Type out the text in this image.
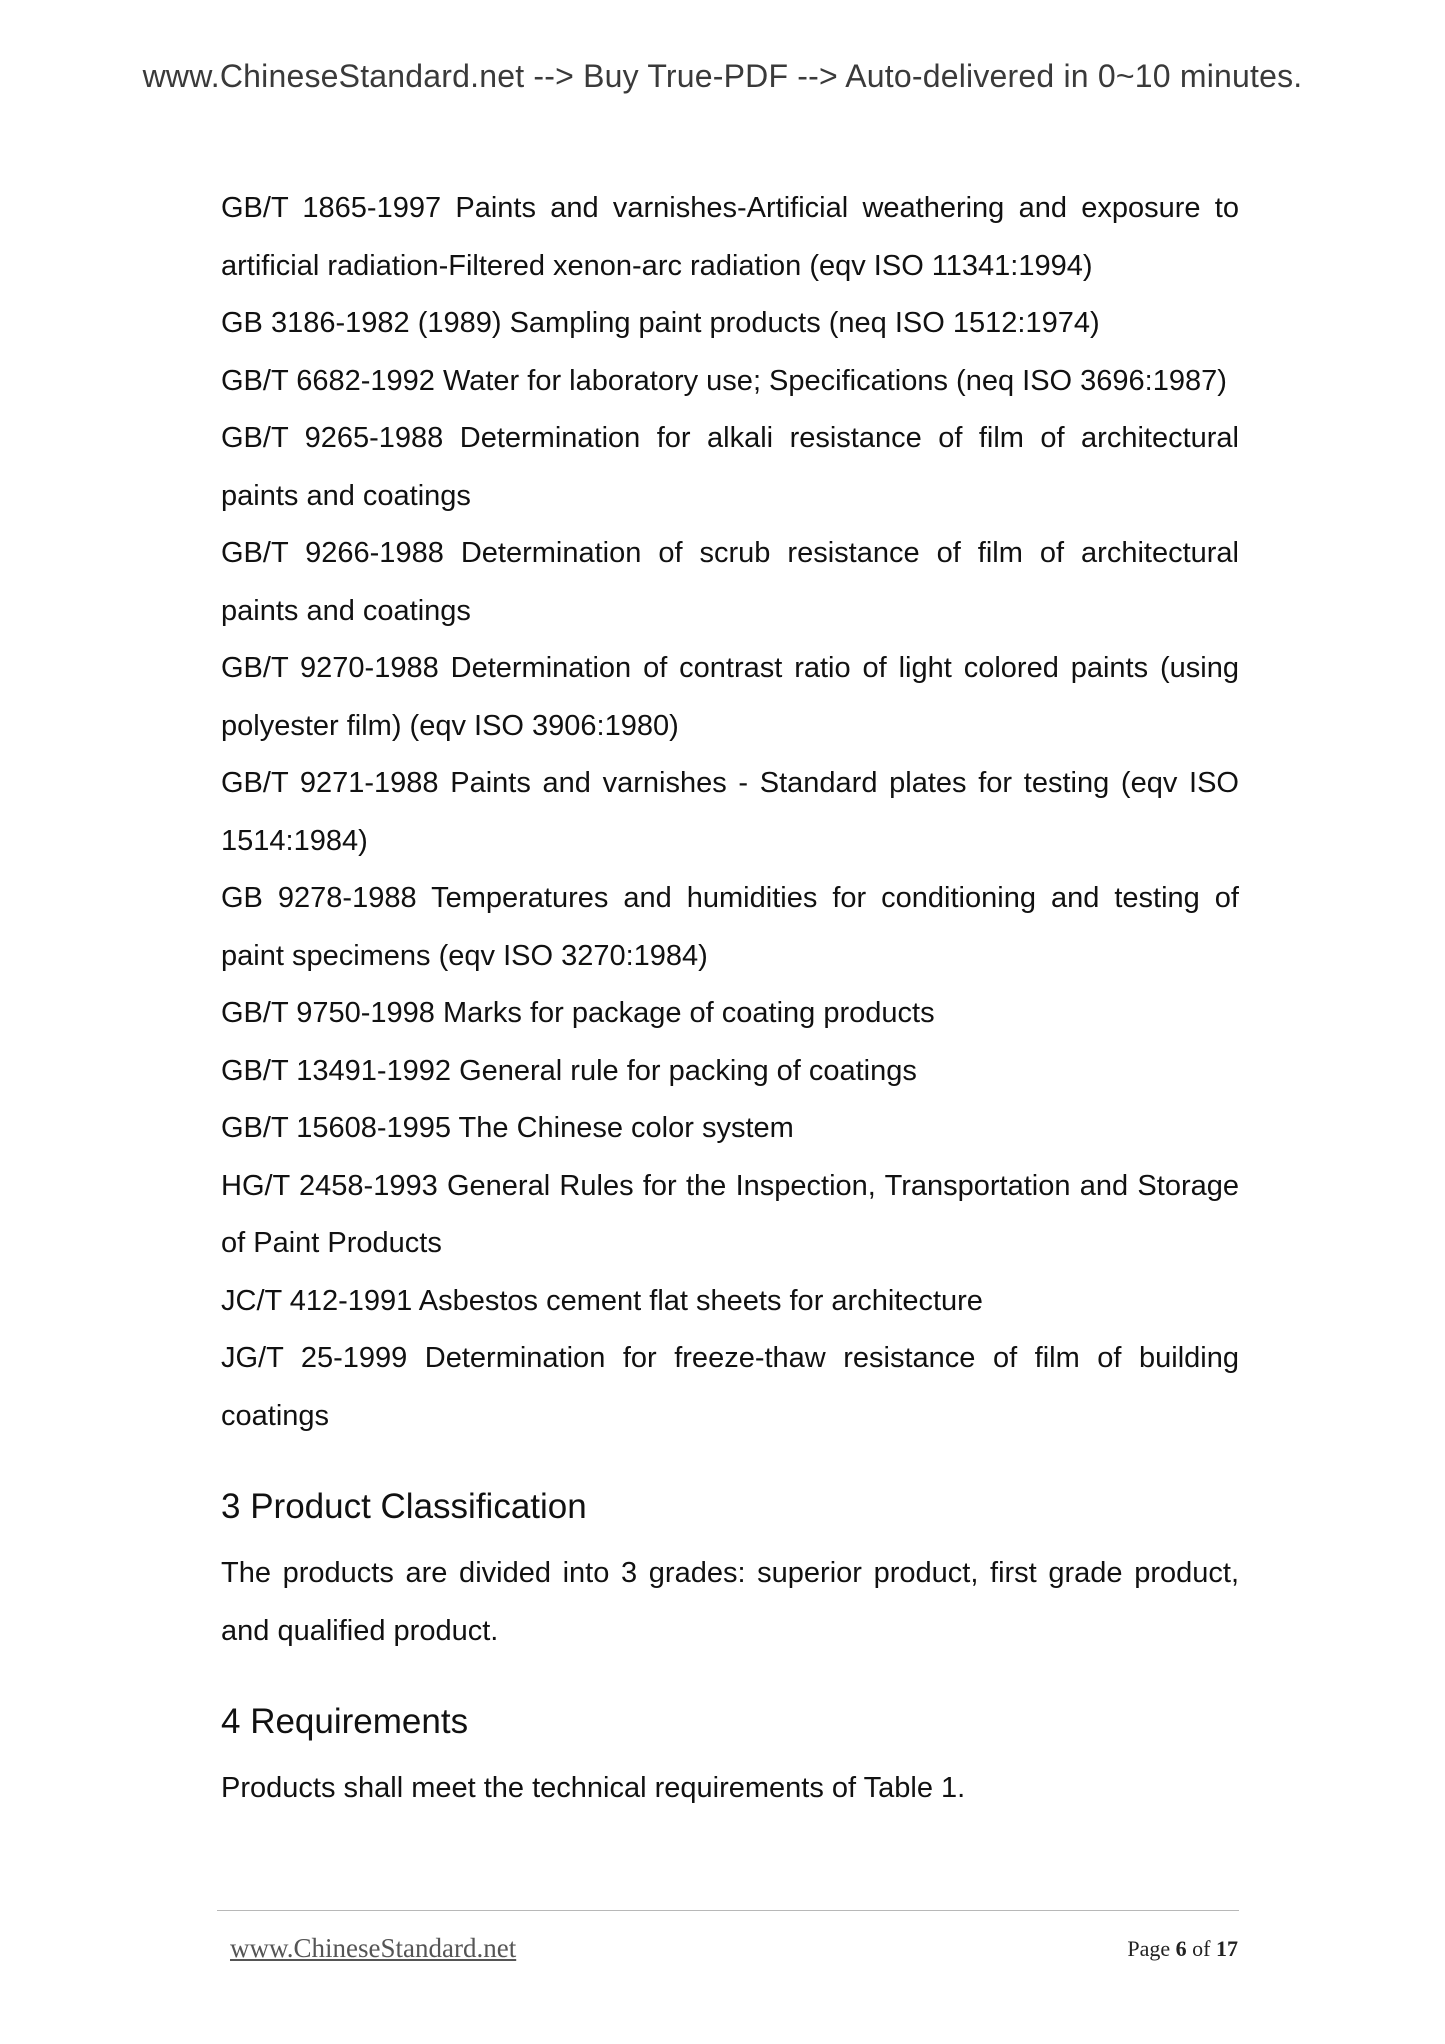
www.ChineseStandard.net --> Buy True-PDF --> Auto-delivered in 0~10 minutes.

GB/T 1865-1997 Paints and varnishes-Artificial weathering and exposure to artificial radiation-Filtered xenon-arc radiation (eqv ISO 11341:1994)

GB 3186-1982 (1989) Sampling paint products (neq ISO 1512:1974)

GB/T 6682-1992 Water for laboratory use; Specifications (neq ISO 3696:1987)

GB/T 9265-1988 Determination for alkali resistance of film of architectural paints and coatings

GB/T 9266-1988 Determination of scrub resistance of film of architectural paints and coatings

GB/T 9270-1988 Determination of contrast ratio of light colored paints (using polyester film) (eqv ISO 3906:1980)

GB/T 9271-1988 Paints and varnishes - Standard plates for testing (eqv ISO 1514:1984)

GB 9278-1988 Temperatures and humidities for conditioning and testing of paint specimens (eqv ISO 3270:1984)

GB/T 9750-1998 Marks for package of coating products

GB/T 13491-1992 General rule for packing of coatings

GB/T 15608-1995 The Chinese color system

HG/T 2458-1993 General Rules for the Inspection, Transportation and Storage of Paint Products

JC/T 412-1991 Asbestos cement flat sheets for architecture

JG/T 25-1999 Determination for freeze-thaw resistance of film of building coatings

3 Product Classification

The products are divided into 3 grades: superior product, first grade product, and qualified product.

4 Requirements

Products shall meet the technical requirements of Table 1.

www.ChineseStandard.net	Page 6 of 17
